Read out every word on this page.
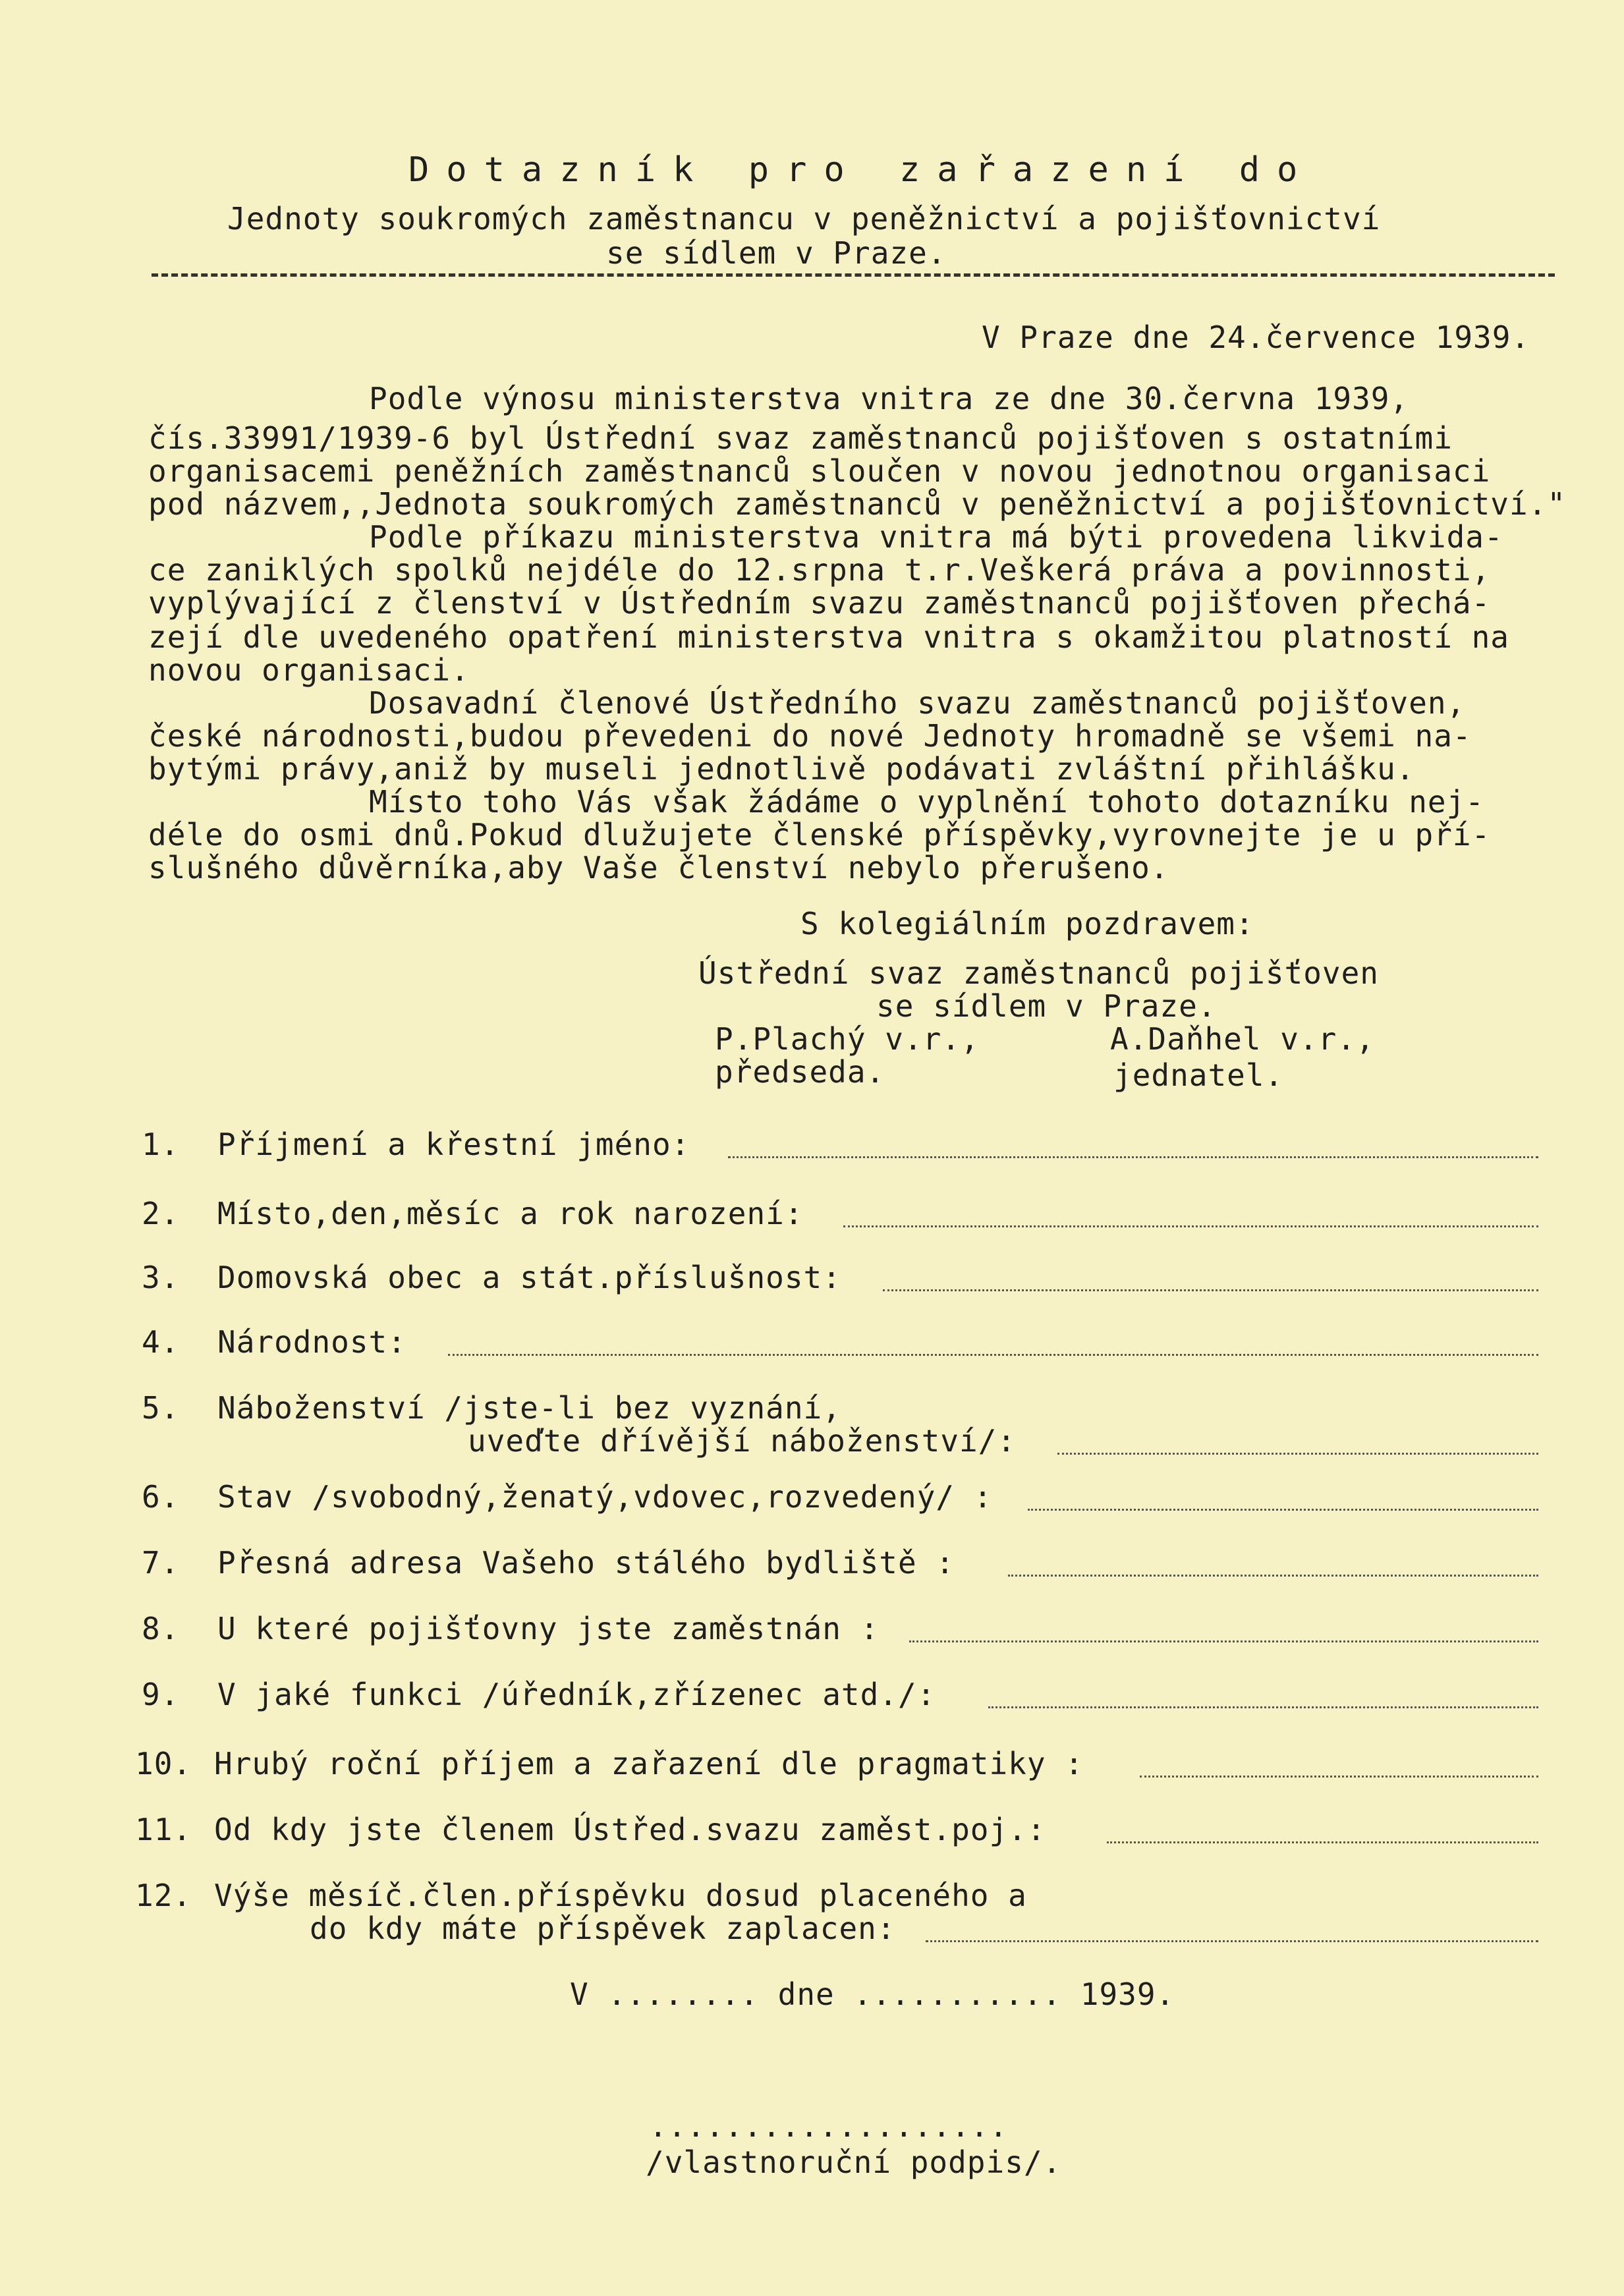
Dotazník pro zařazení do
Jednoty soukromých zaměstnancu v peněžnictví a pojišťovnictví
se sídlem v Praze.
V Praze dne 24.července 1939.
Podle výnosu ministerstva vnitra ze dne 30.června 1939,
čís.33991/1939-6 byl Ústřední svaz zaměstnanců pojišťoven s ostatními
organisacemi peněžních zaměstnanců sloučen v novou jednotnou organisaci
pod názvem,,Jednota soukromých zaměstnanců v peněžnictví a pojišťovnictví."
Podle příkazu ministerstva vnitra má býti provedena likvida-
ce zaniklých spolků nejdéle do 12.srpna t.r.Veškerá práva a povinnosti,
vyplývající z členství v Ústředním svazu zaměstnanců pojišťoven přechá-
zejí dle uvedeného opatření ministerstva vnitra s okamžitou platností na
novou organisaci.
Dosavadní členové Ústředního svazu zaměstnanců pojišťoven,
české národnosti,budou převedeni do nové Jednoty hromadně se všemi na-
bytými právy,aniž by museli jednotlivě podávati zvláštní přihlášku.
Místo toho Vás však žádáme o vyplnění tohoto dotazníku nej-
déle do osmi dnů.Pokud dlužujete členské příspěvky,vyrovnejte je u pří-
slušného důvěrníka,aby Vaše členství nebylo přerušeno.
S kolegiálním pozdravem:
Ústřední svaz zaměstnanců pojišťoven
se sídlem v Praze.
P.Plachý v.r.,
předseda.
A.Daňhel v.r.,
jednatel.
1. Příjmení a křestní jméno:
2. Místo,den,měsíc a rok narození:
3. Domovská obec a stát.příslušnost:
4. Národnost:
5. Náboženství /jste-li bez vyznání,
uveďte dřívější náboženství/:
6. Stav /svobodný,ženatý,vdovec,rozvedený/ :
7. Přesná adresa Vašeho stálého bydliště :
8. U které pojišťovny jste zaměstnán :
9. V jaké funkci /úředník,zřízenec atd./:
10. Hrubý roční příjem a zařazení dle pragmatiky :
11. Od kdy jste členem Ústřed.svazu zaměst.poj.:
12. Výše měsíč.člen.příspěvku dosud placeného a
do kdy máte příspěvek zaplacen:
V ........ dne ........... 1939.
...................
/vlastnoruční podpis/.
